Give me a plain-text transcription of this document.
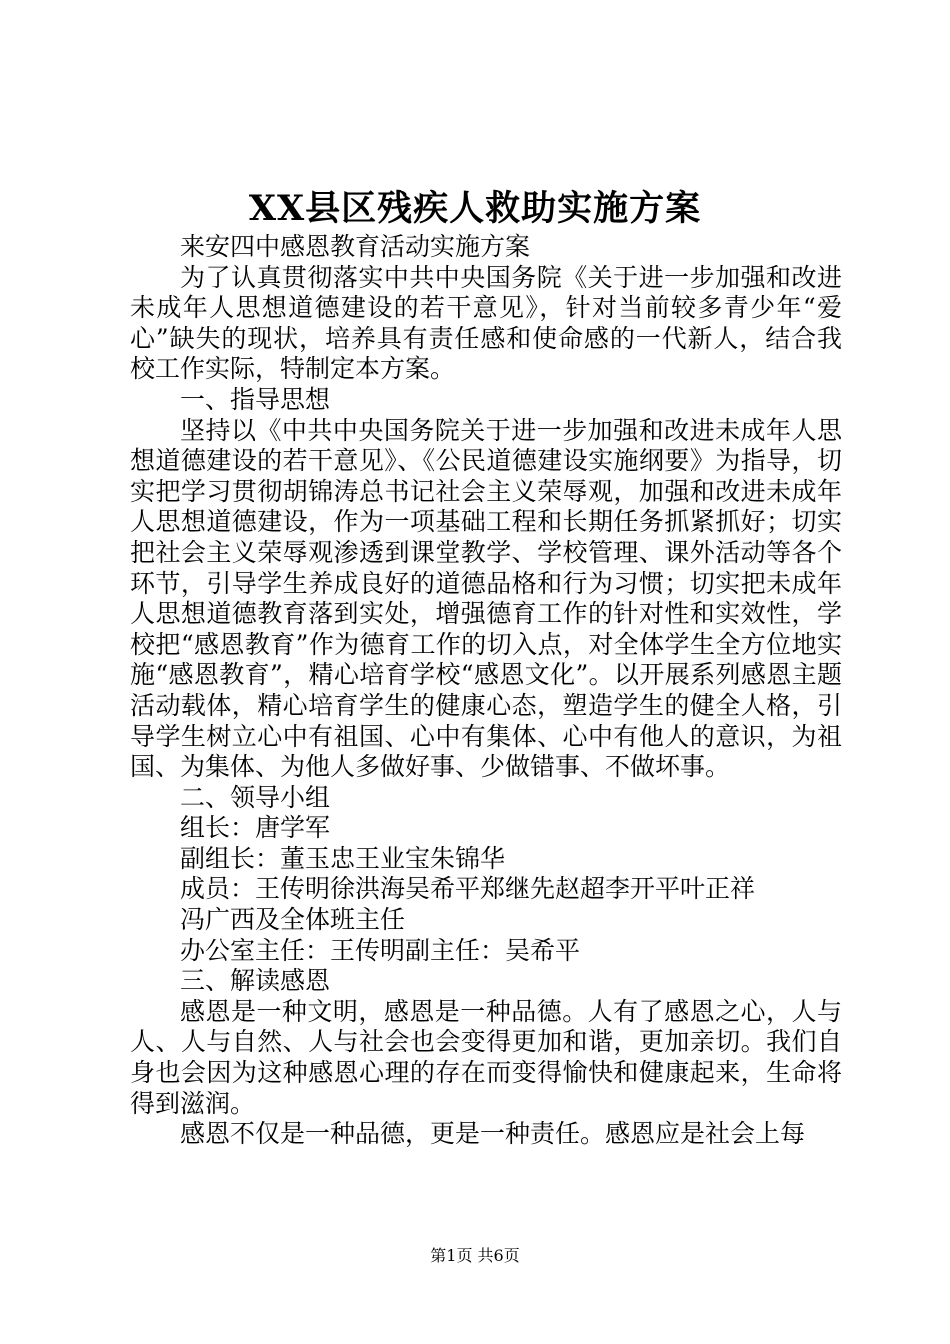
XX县区残疾人救助实施方案

来安四中感恩教育活动实施方案

为了认真贯彻落实中共中央国务院《关于进一步加强和改进未成年人思想道德建设的若干意见》，针对当前较多青少年“爱心”缺失的现状，培养具有责任感和使命感的一代新人，结合我校工作实际，特制定本方案。

一、指导思想

坚持以《中共中央国务院关于进一步加强和改进未成年人思想道德建设的若干意见》、《公民道德建设实施纲要》为指导，切实把学习贯彻胡锦涛总书记社会主义荣辱观，加强和改进未成年人思想道德建设，作为一项基础工程和长期任务抓紧抓好；切实把社会主义荣辱观渗透到课堂教学、学校管理、课外活动等各个环节，引导学生养成良好的道德品格和行为习惯；切实把未成年人思想道德教育落到实处，增强德育工作的针对性和实效性，学校把“感恩教育”作为德育工作的切入点，对全体学生全方位地实施“感恩教育”，精心培育学校“感恩文化”。以开展系列感恩主题活动载体，精心培育学生的健康心态，塑造学生的健全人格，引导学生树立心中有祖国、心中有集体、心中有他人的意识，为祖国、为集体、为他人多做好事、少做错事、不做坏事。

二、领导小组

组长：唐学军

副组长：董玉忠王业宝朱锦华

成员：王传明徐洪海吴希平郑继先赵超李开平叶正祥

冯广西及全体班主任

办公室主任：王传明副主任：吴希平

三、解读感恩

感恩是一种文明，感恩是一种品德。人有了感恩之心，人与人、人与自然、人与社会也会变得更加和谐，更加亲切。我们自身也会因为这种感恩心理的存在而变得愉快和健康起来，生命将得到滋润。

感恩不仅是一种品德，更是一种责任。感恩应是社会上每

第1页 共6页
